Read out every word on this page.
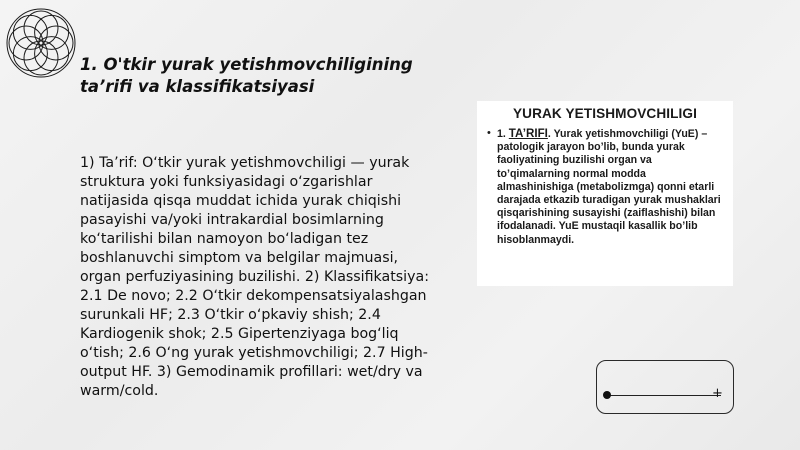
1. O'tkir yurak yetishmovchiligining ta’rifi va klassifikatsiyasi

1) Ta’rif: O‘tkir yurak yetishmovchiligi — yurak struktura yoki funksiyasidagi o‘zgarishlar natijasida qisqa muddat ichida yurak chiqishi pasayishi va/yoki intrakardial bosimlarning ko‘tarilishi bilan namoyon bo‘ladigan tez boshlanuvchi simptom va belgilar majmuasi, organ perfuziyasining buzilishi. 2) Klassifikatsiya: 2.1 De novo; 2.2 O‘tkir dekompensatsiyalashgan surunkali HF; 2.3 O‘tkir o‘pkaviy shish; 2.4 Kardiogenik shok; 2.5 Gipertenziyaga bog‘liq o‘tish; 2.6 O‘ng yurak yetishmovchiligi; 2.7 High-output HF. 3) Gemodinamik profillari: wet/dry va warm/cold.

YURAK YETISHMOVCHILIGI
• 1. TA’RIFI. Yurak yetishmovchiligi (YuE) – patologik jarayon bo’lib, bunda yurak faoliyatining buzilishi organ va to’qimalarning normal modda almashinishiga (metabolizmga) qonni etarli darajada etkazib turadigan yurak mushaklari qisqarishining susayishi (zaiflashishi) bilan ifodalanadi. YuE mustaqil kasallik bo’lib hisoblanmaydi.

+
